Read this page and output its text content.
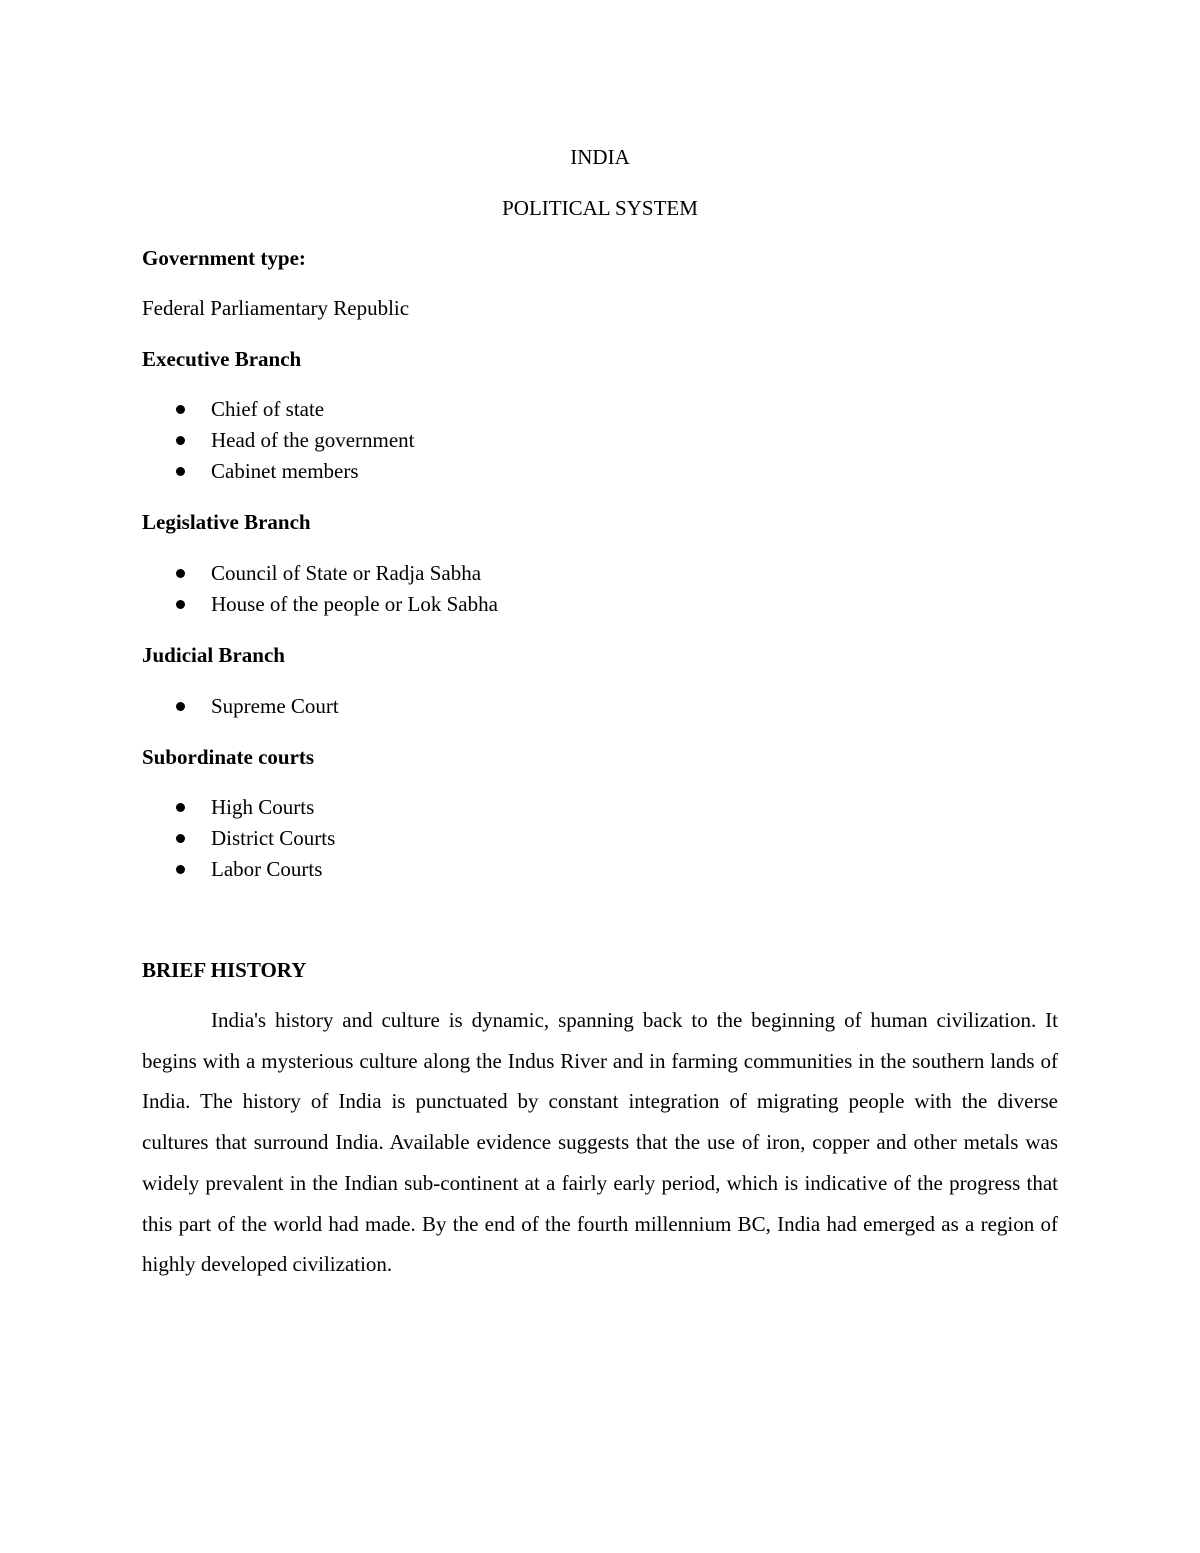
INDIA
POLITICAL SYSTEM
Government type:
Federal Parliamentary Republic
Executive Branch
Chief of state
Head of the government
Cabinet members
Legislative Branch
Council of State or Radja Sabha
House of the people or Lok Sabha
Judicial Branch
Supreme Court
Subordinate courts
High Courts
District Courts
Labor Courts
BRIEF HISTORY
India's history and culture is dynamic, spanning back to the beginning of human civilization. It begins with a mysterious culture along the Indus River and in farming communities in the southern lands of India. The history of India is punctuated by constant integration of migrating people with the diverse cultures that surround India. Available evidence suggests that the use of iron, copper and other metals was widely prevalent in the Indian sub-continent at a fairly early period, which is indicative of the progress that this part of the world had made. By the end of the fourth millennium BC, India had emerged as a region of highly developed civilization.
